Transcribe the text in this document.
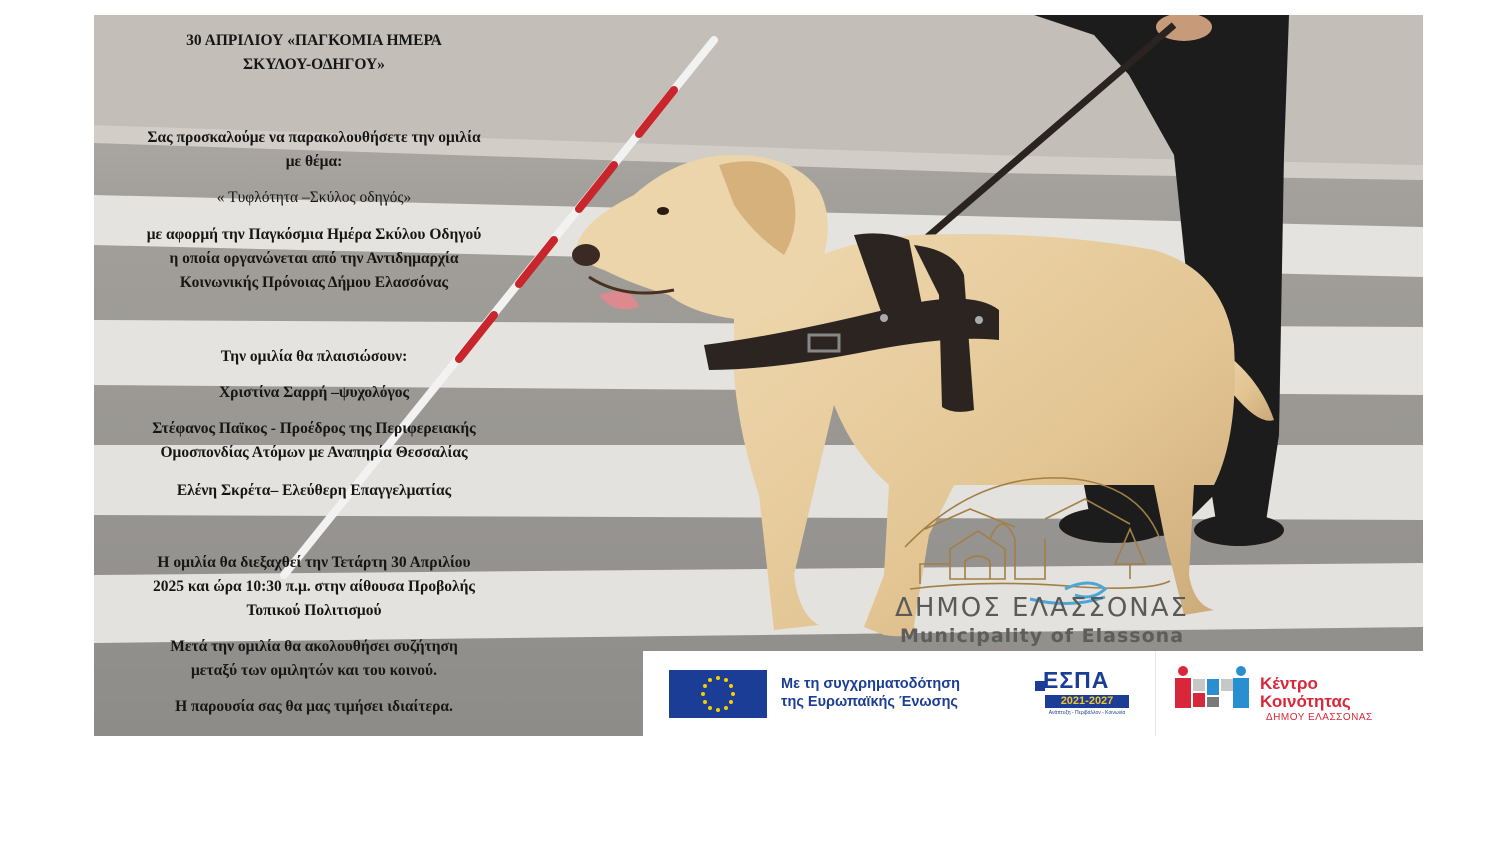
30 ΑΠΡΙΛΙΟΥ «ΠΑΓΚΟΜΙΑ ΗΜΕΡΑ
ΣΚΥΛΟΥ-ΟΔΗΓΟΥ»
Σας προσκαλούμε να παρακολουθήσετε την ομιλία
με θέμα:
« Τυφλότητα –Σκύλος οδηγός»
με αφορμή την Παγκόσμια Ημέρα Σκύλου Οδηγού
η οποία οργανώνεται από την Αντιδημαρχία
Κοινωνικής Πρόνοιας Δήμου Ελασσόνας
Την ομιλία θα πλαισιώσουν:
Χριστίνα Σαρρή –ψυχολόγος
Στέφανος Παϊκος - Προέδρος της Περιφερειακής
Ομοσπονδίας Ατόμων με Αναπηρία Θεσσαλίας
Ελένη Σκρέτα– Ελεύθερη Επαγγελματίας
Η ομιλία θα διεξαχθεί την Τετάρτη 30 Απριλίου
2025 και ώρα 10:30 π.μ. στην αίθουσα Προβολής
Τοπικού Πολιτισμού
Μετά την ομιλία θα ακολουθήσει συζήτηση
μεταξύ των ομιλητών και του κοινού.
Η παρουσία σας θα μας τιμήσει ιδιαίτερα.
ΔΗΜΟΣ ΕΛΑΣΣΟΝΑΣ
Municipality of Elassona
Με τη συγχρηματοδότηση
της Ευρωπαϊκής Ένωσης
ΕΣΠΑ
2021-2027
Ανάπτυξη - Περιβάλλον - Κοινωνία
Κέντρο
Κοινότητας
ΔΗΜΟΥ ΕΛΑΣΣΟΝΑΣ
